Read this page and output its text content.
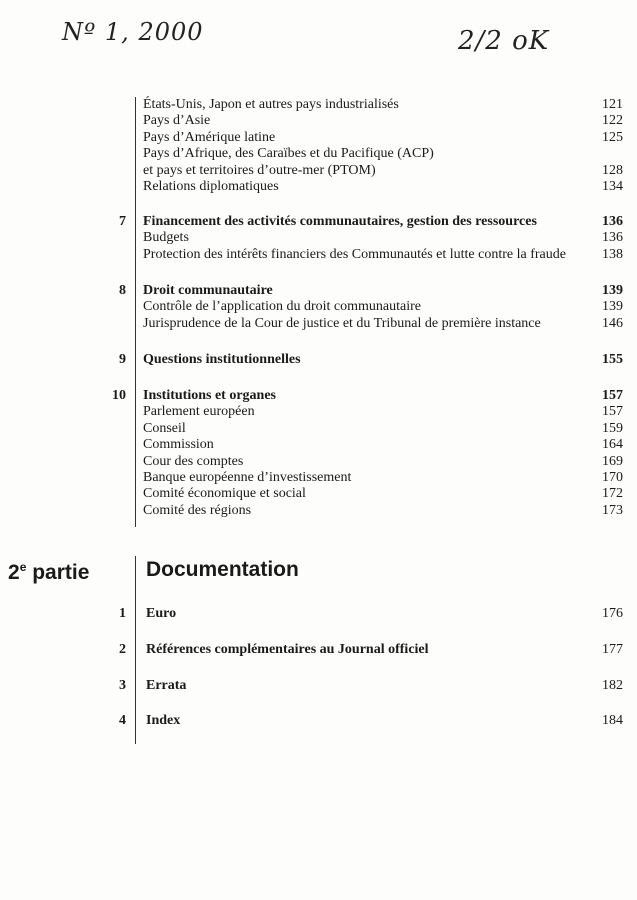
Nº 1, 2000	2/2 oK
États-Unis, Japon et autres pays industrialisés	121
Pays d’Asie	122
Pays d’Amérique latine	125
Pays d’Afrique, des Caraïbes et du Pacifique (ACP)
et pays et territoires d’outre-mer (PTOM)	128
Relations diplomatiques	134
7 Financement des activités communautaires, gestion des ressources	136
Budgets	136
Protection des intérêts financiers des Communautés et lutte contre la fraude	138
8 Droit communautaire	139
Contrôle de l’application du droit communautaire	139
Jurisprudence de la Cour de justice et du Tribunal de première instance	146
9 Questions institutionnelles	155
10 Institutions et organes	157
Parlement européen	157
Conseil	159
Commission	164
Cour des comptes	169
Banque européenne d’investissement	170
Comité économique et social	172
Comité des régions	173
2e partie	Documentation
1 Euro	176
2 Références complémentaires au Journal officiel	177
3 Errata	182
4 Index	184
